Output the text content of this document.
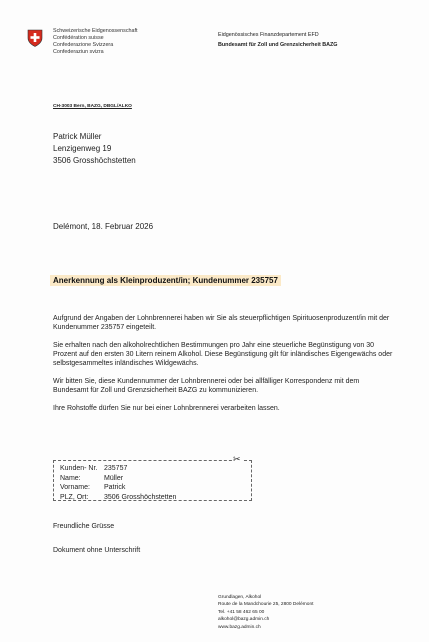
Schweizerische Eidgenossenschaft
Confédération suisse
Confederazione Svizzera
Confederaziun svizra
Eidgenössisches Finanzdepartement EFD
Bundesamt für Zoll und Grenzsicherheit BAZG
CH-3003 Bern, BAZG, DBGL/ALKO
Patrick Müller
Lenzigenweg 19
3506 Grosshöchstetten
Delémont, 18. Februar 2026
Anerkennung als Kleinproduzent/in; Kundenummer 235757

Aufgrund der Angaben der Lohnbrennerei haben wir Sie als steuerpflichtigen Spirituosenproduzent/in mit der Kundenummer 235757 eingeteilt.

Sie erhalten nach den alkoholrechtlichen Bestimmungen pro Jahr eine steuerliche Begünstigung von 30 Prozent auf den ersten 30 Litern reinem Alkohol. Diese Begünstigung gilt für inländisches Eigengewächs oder selbstgesammeltes inländisches Wildgewächs.

Wir bitten Sie, diese Kundennummer der Lohnbrennerei oder bei allfälliger Korrespondenz mit dem Bundesamt für Zoll und Grenzsicherheit BAZG zu kommunizieren.

Ihre Rohstoffe dürfen Sie nur bei einer Lohnbrennerei verarbeiten lassen.

✂
Kunden- Nr. 235757
Name:	Müller
Vorname:	Patrick
PLZ, Ort:	3506 Grosshöchstetten
Freundliche Grüsse
Dokument ohne Unterschrift
Grundlagen, Alkohol
Route de la Mandchourie 25, 2800 Delémont
Tel. +41 58 462 65 00
alkohol@bazg.admin.ch
www.bazg.admin.ch
